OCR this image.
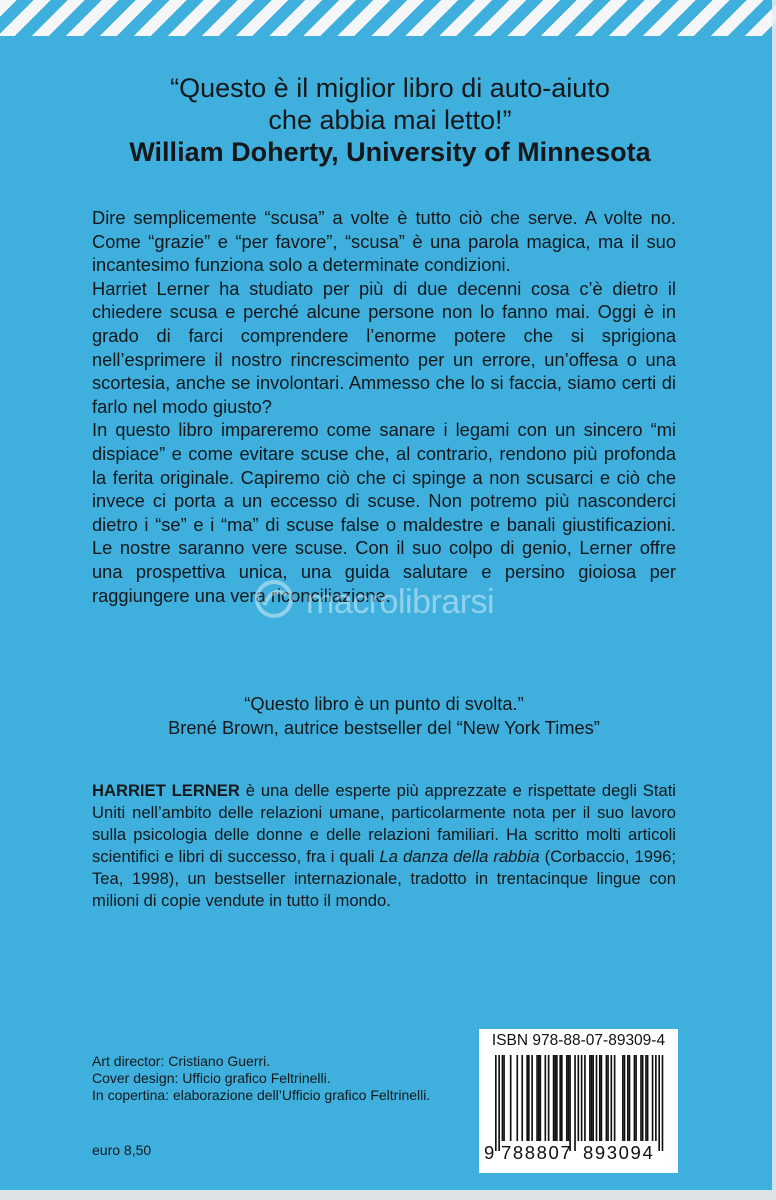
“Questo è il miglior libro di auto-aiuto
che abbia mai letto!”
William Doherty, University of Minnesota

Dire semplicemente “scusa” a volte è tutto ciò che serve. A volte no. Come “grazie” e “per favore”, “scusa” è una parola magica, ma il suo incantesimo funziona solo a determinate condizioni.

Harriet Lerner ha studiato per più di due decenni cosa c’è dietro il chiedere scusa e perché alcune persone non lo fanno mai. Oggi è in grado di farci comprendere l’enorme potere che si sprigiona nell’esprimere il nostro rincrescimento per un errore, un’offesa o una scortesia, anche se involontari. Ammesso che lo si faccia, siamo certi di farlo nel modo giusto?

In questo libro impareremo come sanare i legami con un sincero “mi dispiace” e come evitare scuse che, al contrario, rendono più profonda la ferita originale. Capiremo ciò che ci spinge a non scusarci e ciò che invece ci porta a un eccesso di scuse. Non potremo più nasconderci dietro i “se” e i “ma” di scuse false o maldestre e banali giustificazioni. Le nostre saranno vere scuse. Con il suo colpo di genio, Lerner offre una prospettiva unica, una guida salutare e persino gioiosa per raggiungere una vera riconciliazione.

macrolibrarsi
“Questo libro è un punto di svolta.”
Brené Brown, autrice bestseller del “New York Times”
HARRIET LERNER è una delle esperte più apprezzate e rispettate degli Stati Uniti nell’ambito delle relazioni umane, particolarmente nota per il suo lavoro sulla psicologia delle donne e delle relazioni familiari. Ha scritto molti articoli scientifici e libri di successo, fra i quali La danza della rabbia (Corbaccio, 1996; Tea, 1998), un bestseller internazionale, tradotto in trentacinque lingue con milioni di copie vendute in tutto il mondo.
Art director: Cristiano Guerri.
Cover design: Ufficio grafico Feltrinelli.
In copertina: elaborazione dell’Ufficio grafico Feltrinelli.
euro 8,50
ISBN 978-88-07-89309-4
9 788807 893094
